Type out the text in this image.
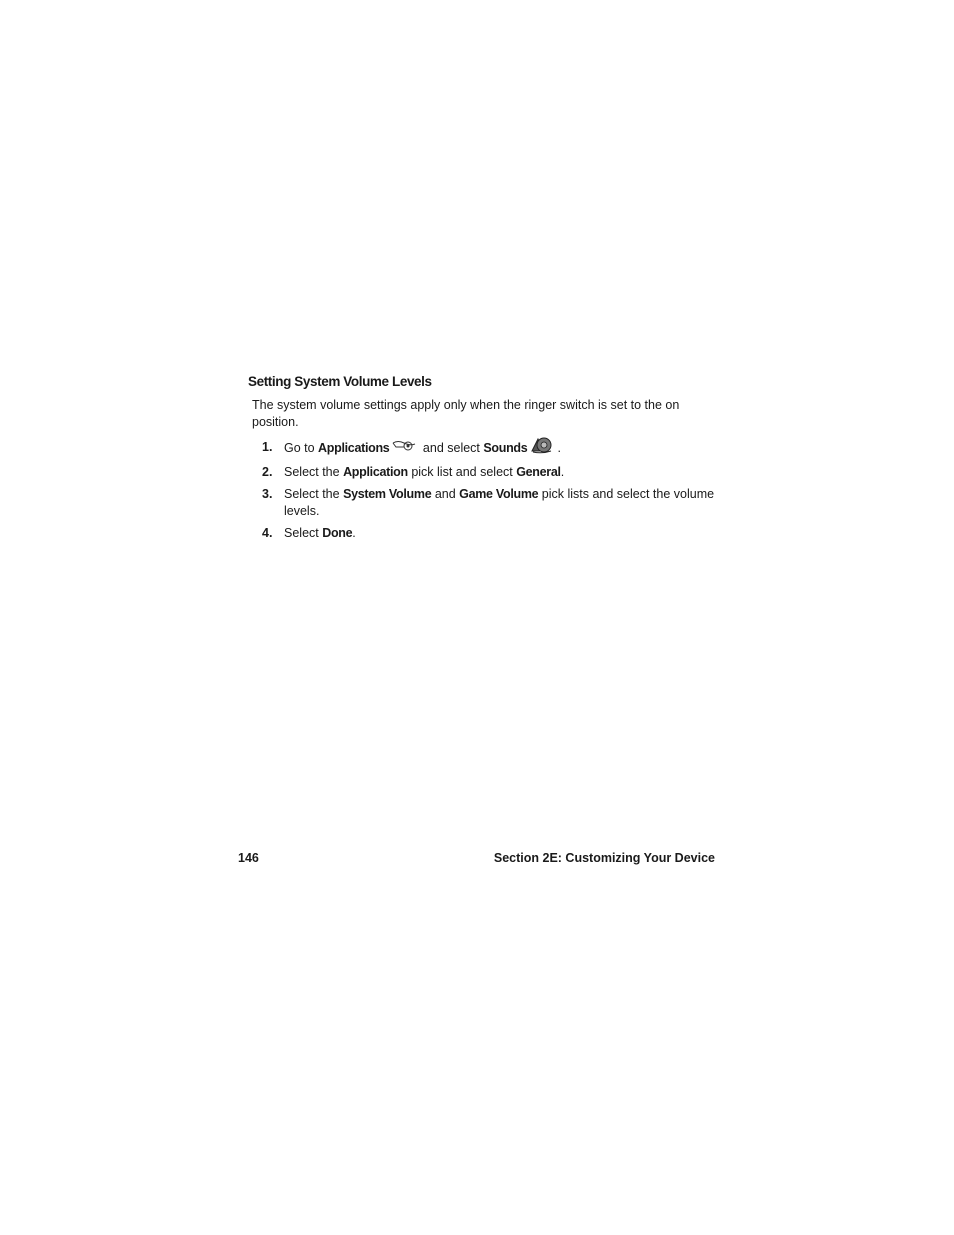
Setting System Volume Levels
The system volume settings apply only when the ringer switch is set to the on position.
1. Go to Applications and select Sounds .
2. Select the Application pick list and select General.
3. Select the System Volume and Game Volume pick lists and select the volume levels.
4. Select Done.
146	Section 2E: Customizing Your Device
